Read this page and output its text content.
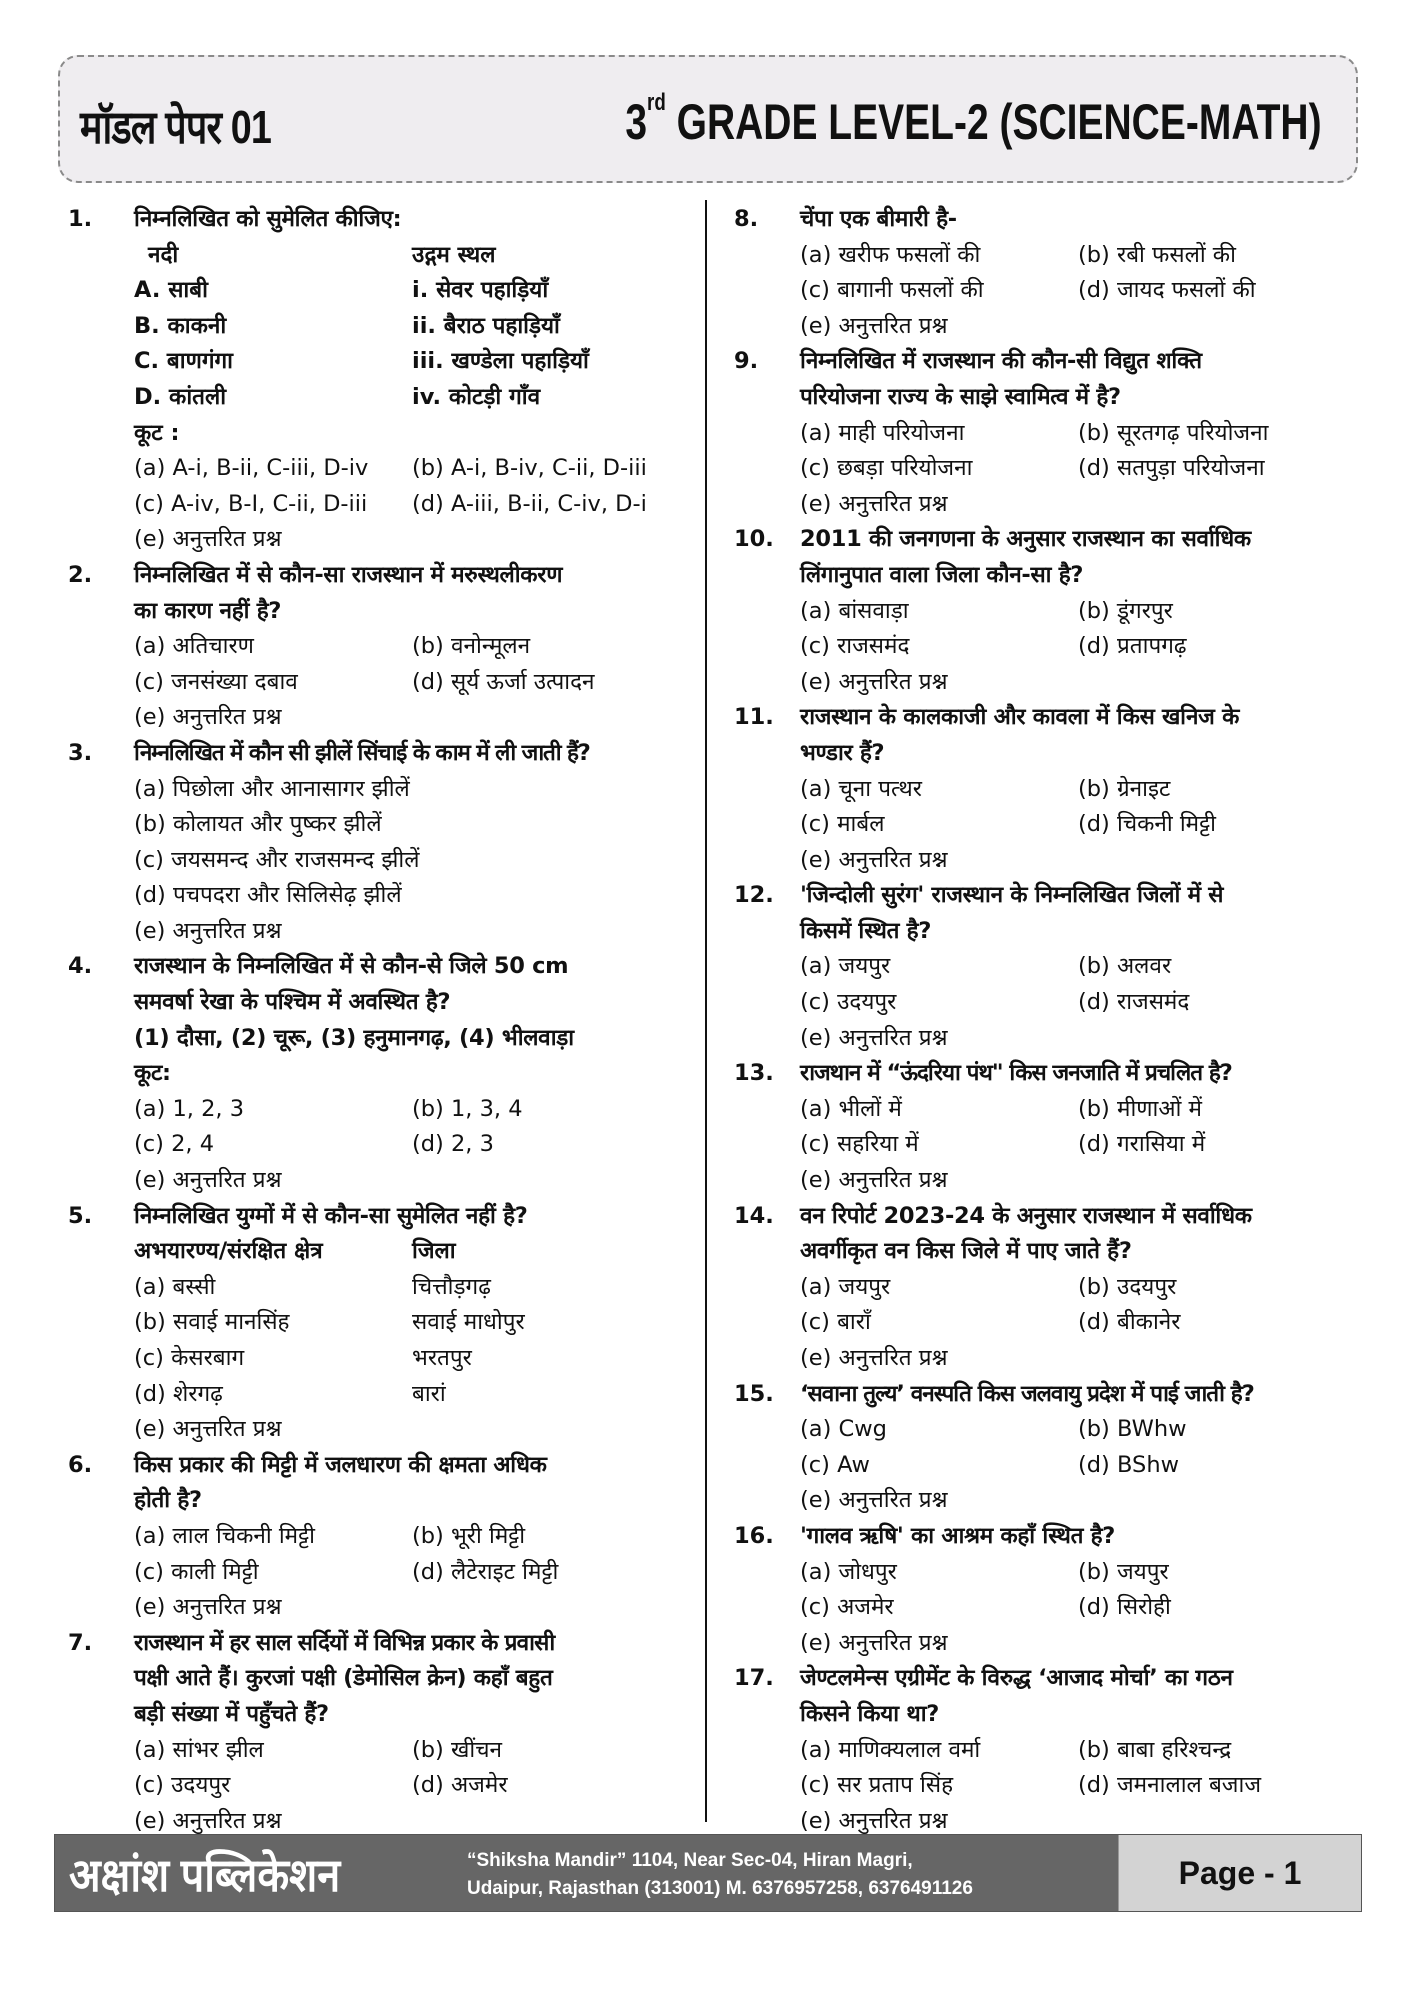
मॉडल पेपर 01	3rd GRADE LEVEL-2 (SCIENCE-MATH)
1. निम्नलिखित को सुमेलित कीजिए:
नदी	उद्गम स्थल
A. साबी	i. सेवर पहाड़ियाँ
B. काकनी	ii. बैराठ पहाड़ियाँ
C. बाणगंगा	iii. खण्डेला पहाड़ियाँ
D. कांतली	iv. कोटड़ी गाँव
कूट :
(a) A-i, B-ii, C-iii, D-iv (b) A-i, B-iv, C-ii, D-iii
(c) A-iv, B-I, C-ii, D-iii (d) A-iii, B-ii, C-iv, D-i
(e) अनुत्तरित प्रश्न
2. निम्नलिखित में से कौन-सा राजस्थान में मरुस्थलीकरण
का कारण नहीं है?
(a) अतिचारण	(b) वनोन्मूलन
(c) जनसंख्या दबाव	(d) सूर्य ऊर्जा उत्पादन
(e) अनुत्तरित प्रश्न
3. निम्नलिखित में कौन सी झीलें सिंचाई के काम में ली जाती हैं?
(a) पिछोला और आनासागर झीलें
(b) कोलायत और पुष्कर झीलें
(c) जयसमन्द और राजसमन्द झीलें
(d) पचपदरा और सिलिसेढ़ झीलें
(e) अनुत्तरित प्रश्न
4. राजस्थान के निम्नलिखित में से कौन-से जिले 50 cm
समवर्षा रेखा के पश्चिम में अवस्थित है?
(1) दौसा, (2) चूरू, (3) हनुमानगढ़, (4) भीलवाड़ा
कूट:
(a) 1, 2, 3	(b) 1, 3, 4
(c) 2, 4	(d) 2, 3
(e) अनुत्तरित प्रश्न
5. निम्नलिखित युग्मों में से कौन-सा सुमेलित नहीं है?
अभयारण्य/संरक्षित क्षेत्र	जिला
(a) बस्सी	चित्तौड़गढ़
(b) सवाई मानसिंह	सवाई माधोपुर
(c) केसरबाग	भरतपुर
(d) शेरगढ़	बारां
(e) अनुत्तरित प्रश्न
6. किस प्रकार की मिट्टी में जलधारण की क्षमता अधिक
होती है?
(a) लाल चिकनी मिट्टी	(b) भूरी मिट्टी
(c) काली मिट्टी	(d) लैटेराइट मिट्टी
(e) अनुत्तरित प्रश्न
7. राजस्थान में हर साल सर्दियों में विभिन्न प्रकार के प्रवासी
पक्षी आते हैं। कुरजां पक्षी (डेमोसिल क्रेन) कहाँ बहुत
बड़ी संख्या में पहुँचते हैं?
(a) सांभर झील	(b) खींचन
(c) उदयपुर	(d) अजमेर
(e) अनुत्तरित प्रश्न
8. चेंपा एक बीमारी है-
(a) खरीफ फसलों की	(b) रबी फसलों की
(c) बागानी फसलों की	(d) जायद फसलों की
(e) अनुत्तरित प्रश्न
9. निम्नलिखित में राजस्थान की कौन-सी विद्युत शक्ति
परियोजना राज्य के साझे स्वामित्व में है?
(a) माही परियोजना	(b) सूरतगढ़ परियोजना
(c) छबड़ा परियोजना	(d) सतपुड़ा परियोजना
(e) अनुत्तरित प्रश्न
10. 2011 की जनगणना के अनुसार राजस्थान का सर्वाधिक
लिंगानुपात वाला जिला कौन-सा है?
(a) बांसवाड़ा	(b) डूंगरपुर
(c) राजसमंद	(d) प्रतापगढ़
(e) अनुत्तरित प्रश्न
11. राजस्थान के कालकाजी और कावला में किस खनिज के
भण्डार हैं?
(a) चूना पत्थर	(b) ग्रेनाइट
(c) मार्बल	(d) चिकनी मिट्टी
(e) अनुत्तरित प्रश्न
12. 'जिन्दोली सुरंग' राजस्थान के निम्नलिखित जिलों में से
किसमें स्थित है?
(a) जयपुर	(b) अलवर
(c) उदयपुर	(d) राजसमंद
(e) अनुत्तरित प्रश्न
13. राजथान में “ऊंदरिया पंथ" किस जनजाति में प्रचलित है?
(a) भीलों में	(b) मीणाओं में
(c) सहरिया में	(d) गरासिया में
(e) अनुत्तरित प्रश्न
14. वन रिपोर्ट 2023-24 के अनुसार राजस्थान में सर्वाधिक
अवर्गीकृत वन किस जिले में पाए जाते हैं?
(a) जयपुर	(b) उदयपुर
(c) बाराँ	(d) बीकानेर
(e) अनुत्तरित प्रश्न
15. ‘सवाना तुल्य’ वनस्पति किस जलवायु प्रदेश में पाई जाती है?
(a) Cwg	(b) BWhw
(c) Aw	(d) BShw
(e) अनुत्तरित प्रश्न
16. 'गालव ऋषि' का आश्रम कहाँ स्थित है?
(a) जोधपुर	(b) जयपुर
(c) अजमेर	(d) सिरोही
(e) अनुत्तरित प्रश्न
17. जेण्टलमेन्स एग्रीमेंट के विरुद्ध ‘आजाद मोर्चा’ का गठन
किसने किया था?
(a) माणिक्यलाल वर्मा	(b) बाबा हरिश्चन्द्र
(c) सर प्रताप सिंह	(d) जमनालाल बजाज
(e) अनुत्तरित प्रश्न
अक्षांश पब्लिकेशन	“Shiksha Mandir” 1104, Near Sec-04, Hiran Magri,
Udaipur, Rajasthan (313001) M. 6376957258, 6376491126	Page - 1
